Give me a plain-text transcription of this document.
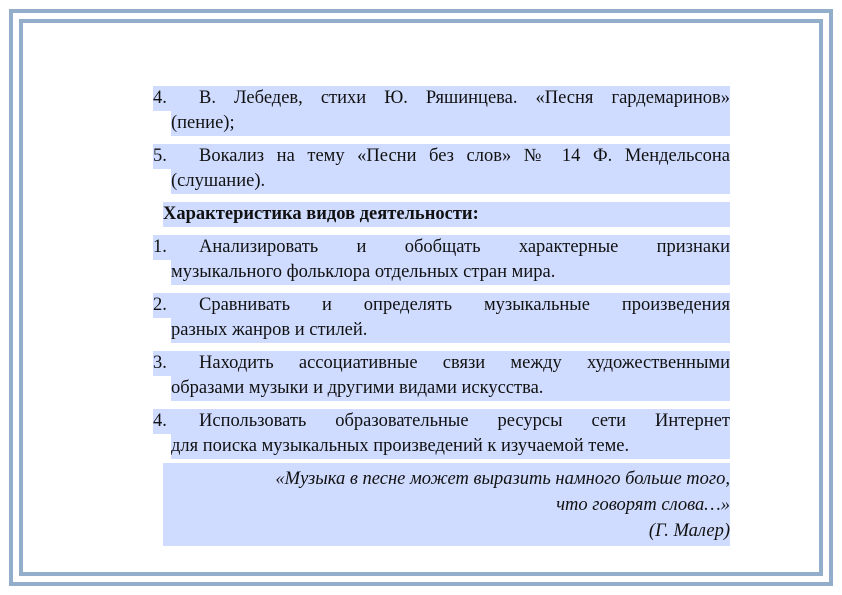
4.	В. Лебедев, стихи Ю. Ряшинцева. «Песня гардемаринов»
(пение);
5.	Вокализ на тему «Песни без слов» № 14 Ф. Мендельсона
(слушание).
Характеристика видов деятельности:
1.	Анализировать и обобщать характерные признаки
музыкального фольклора отдельных стран мира.
2.	Сравнивать и определять музыкальные произведения
разных жанров и стилей.
3.	Находить ассоциативные связи между художественными
образами музыки и другими видами искусства.
4.	Использовать образовательные ресурсы сети Интернет
для поиска музыкальных произведений к изучаемой теме.
«Музыка в песне может выразить намного больше того,
что говорят слова…»
(Г. Малер)
